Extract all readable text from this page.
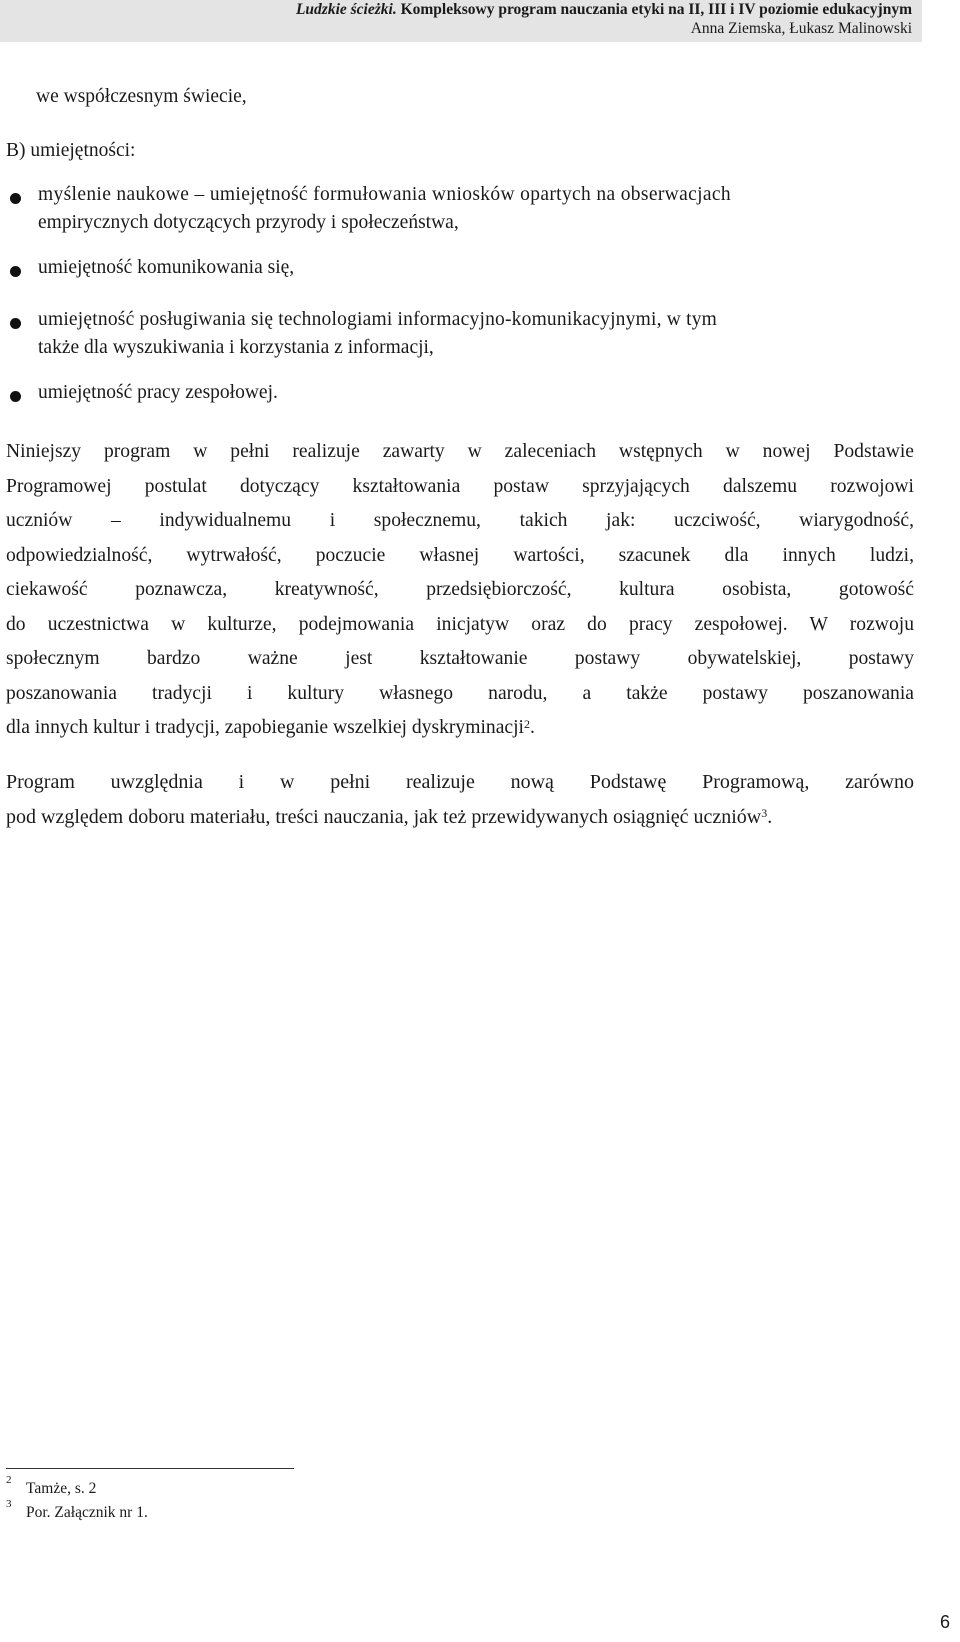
Ludzkie ścieżki. Kompleksowy program nauczania etyki na II, III i IV poziomie edukacyjnym
Anna Ziemska, Łukasz Malinowski
we współczesnym świecie,
B) umiejętności:
myślenie naukowe – umiejętność formułowania wniosków opartych na obserwacjach
empirycznych dotyczących przyrody i społeczeństwa,
umiejętność komunikowania się,
umiejętność posługiwania się technologiami informacyjno-komunikacyjnymi, w tym
także dla wyszukiwania i korzystania z informacji,
umiejętność pracy zespołowej.
Niniejszy program w pełni realizuje zawarty w zaleceniach wstępnych w nowej Podstawie
Programowej postulat dotyczący kształtowania postaw sprzyjających dalszemu rozwojowi
uczniów – indywidualnemu i społecznemu, takich jak: uczciwość, wiarygodność,
odpowiedzialność, wytrwałość, poczucie własnej wartości, szacunek dla innych ludzi,
ciekawość poznawcza, kreatywność, przedsiębiorczość, kultura osobista, gotowość
do uczestnictwa w kulturze, podejmowania inicjatyw oraz do pracy zespołowej. W rozwoju
społecznym bardzo ważne jest kształtowanie postawy obywatelskiej, postawy
poszanowania tradycji i kultury własnego narodu, a także postawy poszanowania
dla innych kultur i tradycji, zapobieganie wszelkiej dyskryminacji$^2$.
Program uwzględnia i w pełni realizuje nową Podstawę Programową, zarówno
pod względem doboru materiału, treści nauczania, jak też przewidywanych osiągnięć uczniów$^3$.
$^2$ Tamże, s. 2
$^3$ Por. Załącznik nr 1.
6
